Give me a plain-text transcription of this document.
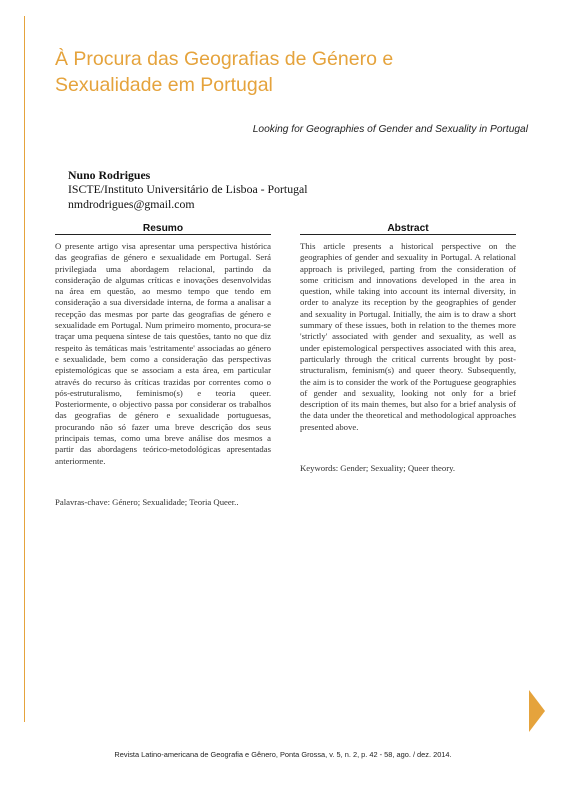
À Procura das Geografias de Género e Sexualidade em Portugal

Looking for Geographies of Gender and Sexuality in Portugal

Nuno Rodrigues
ISCTE/Instituto Universitário de Lisboa - Portugal
nmdrodrigues@gmail.com
Resumo

O presente artigo visa apresentar uma perspectiva histórica das geografias de género e sexualidade em Portugal. Será privilegiada uma abordagem relacional, partindo da consideração de algumas críticas e inovações desenvolvidas na área em questão, ao mesmo tempo que tendo em consideração a sua diversidade interna, de forma a analisar a recepção das mesmas por parte das geografias de género e sexualidade em Portugal. Num primeiro momento, procura-se traçar uma pequena síntese de tais questões, tanto no que diz respeito às temáticas mais 'estritamente' associadas ao género e sexualidade, bem como a consideração das perspectivas epistemológicas que se associam a esta área, em particular através do recurso às críticas trazidas por correntes como o pós-estruturalismo, feminismo(s) e teoria queer. Posteriormente, o objectivo passa por considerar os trabalhos das geografias de género e sexualidade portuguesas, procurando não só fazer uma breve descrição dos seus principais temas, como uma breve análise dos mesmos a partir das abordagens teórico-metodológicas apresentadas anteriormente.

Palavras-chave: Género; Sexualidade; Teoria Queer..

Abstract

This article presents a historical perspective on the geographies of gender and sexuality in Portugal. A relational approach is privileged, parting from the consideration of some criticism and innovations developed in the area in question, while taking into account its internal diversity, in order to analyze its reception by the geographies of gender and sexuality in Portugal. Initially, the aim is to draw a short summary of these issues, both in relation to the themes more 'strictly' associated with gender and sexuality, as well as under epistemological perspectives associated with this area, particularly through the critical currents brought by post-structuralism, feminism(s) and queer theory. Subsequently, the aim is to consider the work of the Portuguese geographies of gender and sexuality, looking not only for a brief description of its main themes, but also for a brief analysis of the data under the theoretical and methodological approaches presented above.

Keywords: Gender; Sexuality; Queer theory.

Revista Latino-americana de Geografia e Gênero, Ponta Grossa, v. 5, n. 2, p. 42 - 58, ago. / dez. 2014.
